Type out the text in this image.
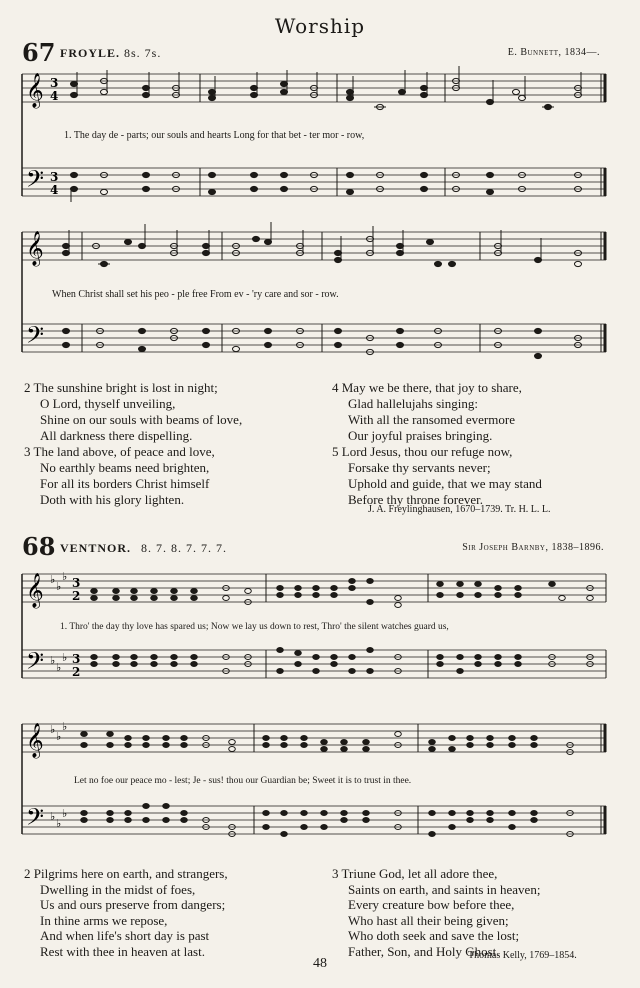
Worship
67 FROYLE. 8s. 7s.	E. Bunnett, 1834—.
𝄞
𝄢
3
4
3
4
1. The day de - parts; our souls and hearts Long for that bet - ter mor - row,
𝄞
𝄢
When Christ shall set his peo - ple free From ev - 'ry care and sor - row.
2 The sunshine bright is lost in night;
O Lord, thyself unveiling,
Shine on our souls with beams of love,
All darkness there dispelling.
3 The land above, of peace and love,
No earthly beams need brighten,
For all its borders Christ himself
Doth with his glory lighten.
4 May we be there, that joy to share,
Glad hallelujahs singing:
With all the ransomed evermore
Our joyful praises bringing.
5 Lord Jesus, thou our refuge now,
Forsake thy servants never;
Uphold and guide, that we may stand
Before thy throne forever.
J. A. Freylinghausen, 1670–1739. Tr. H. L. L.
68 VENTNOR. 8. 7. 8. 7. 7. 7.	Sir Joseph Barnby, 1838–1896.
𝄞
𝄢
♭
♭
♭
♭
♭
♭
3
2
3
2
1. Thro' the day thy love has spared us; Now we lay us down to rest, Thro' the silent watches guard us,
𝄞
𝄢
♭
♭
♭
♭
♭
♭
Let no foe our peace mo - lest; Je - sus! thou our Guardian be; Sweet it is to trust in thee.
2 Pilgrims here on earth, and strangers,
Dwelling in the midst of foes,
Us and ours preserve from dangers;
In thine arms we repose,
And when life's short day is past
Rest with thee in heaven at last.
3 Triune God, let all adore thee,
Saints on earth, and saints in heaven;
Every creature bow before thee,
Who hast all their being given;
Who doth seek and save the lost;
Father, Son, and Holy Ghost.
Thomas Kelly, 1769–1854.
48
